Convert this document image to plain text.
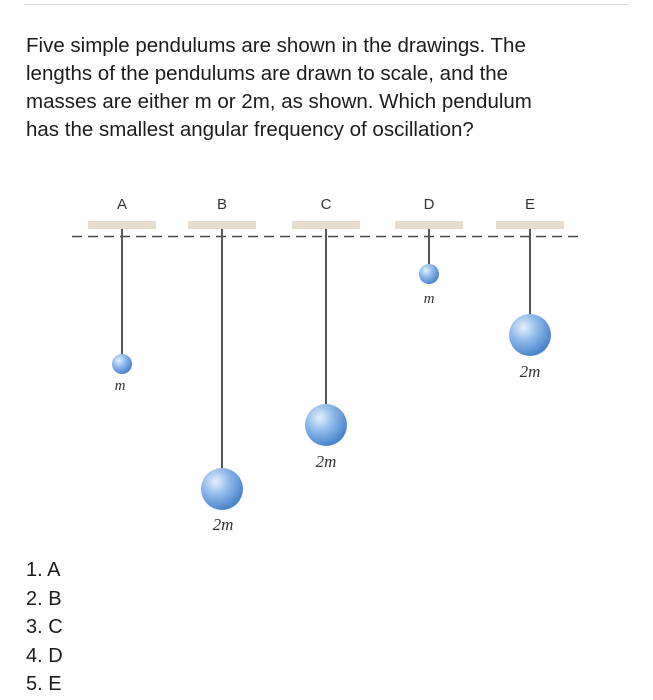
Five simple pendulums are shown in the drawings. The

lengths of the pendulums are drawn to scale, and the

masses are either m or 2m, as shown. Which pendulum

has the smallest angular frequency of oscillation?

A
m
B
2m
C
2m
D
m
E
2m
1. A
2. B
3. C
4. D
5. E
